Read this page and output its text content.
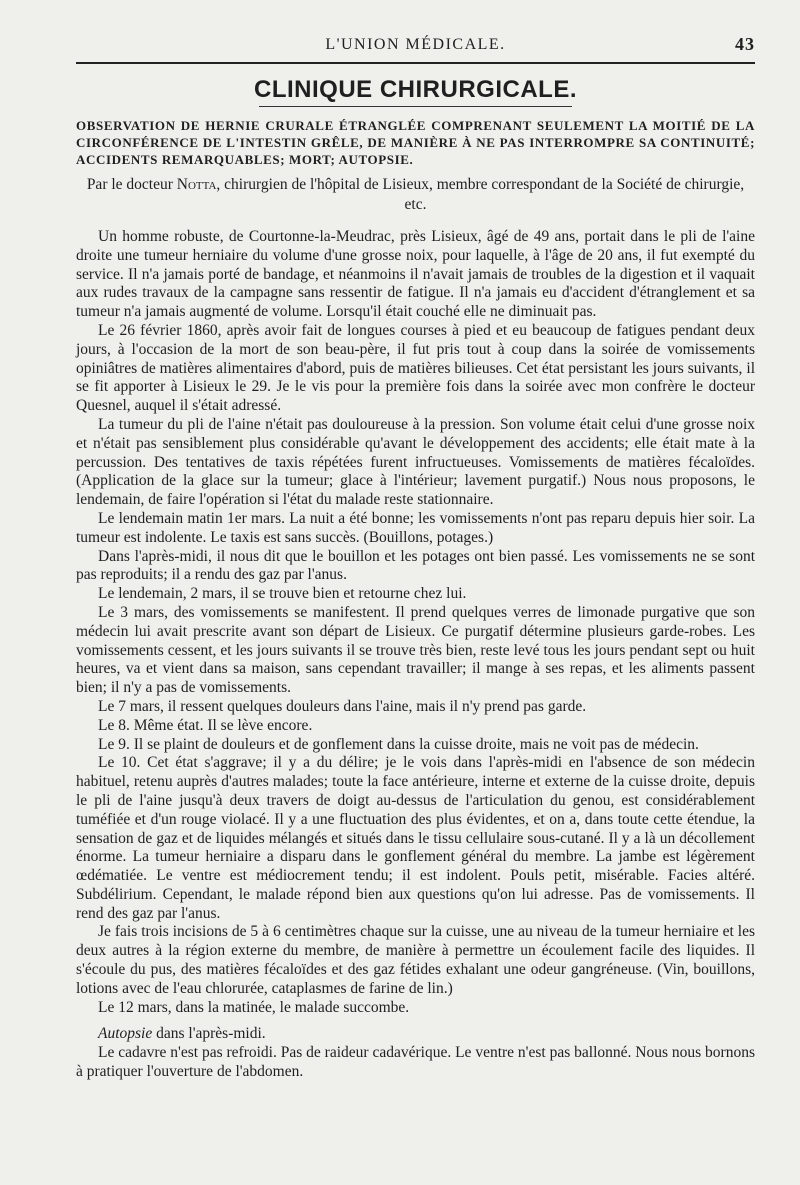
L'UNION MÉDICALE.	43
CLINIQUE CHIRURGICALE.
OBSERVATION DE HERNIE CRURALE ÉTRANGLÉE COMPRENANT SEULEMENT LA MOITIÉ DE LA CIRCONFÉRENCE DE L'INTESTIN GRÊLE, DE MANIÈRE À NE PAS INTERROMPRE SA CONTINUITÉ; ACCIDENTS REMARQUABLES; MORT; AUTOPSIE.
Par le docteur Notta, chirurgien de l'hôpital de Lisieux, membre correspondant de la Société de chirurgie, etc.

Un homme robuste, de Courtonne-la-Meudrac, près Lisieux, âgé de 49 ans, portait dans le pli de l'aine droite une tumeur herniaire du volume d'une grosse noix, pour laquelle, à l'âge de 20 ans, il fut exempté du service. Il n'a jamais porté de bandage, et néanmoins il n'avait jamais de troubles de la digestion et il vaquait aux rudes travaux de la campagne sans ressentir de fatigue. Il n'a jamais eu d'accident d'étranglement et sa tumeur n'a jamais augmenté de volume. Lorsqu'il était couché elle ne diminuait pas.

Le 26 février 1860, après avoir fait de longues courses à pied et eu beaucoup de fatigues pendant deux jours, à l'occasion de la mort de son beau-père, il fut pris tout à coup dans la soirée de vomissements opiniâtres de matières alimentaires d'abord, puis de matières bilieuses. Cet état persistant les jours suivants, il se fit apporter à Lisieux le 29. Je le vis pour la première fois dans la soirée avec mon confrère le docteur Quesnel, auquel il s'était adressé.

La tumeur du pli de l'aine n'était pas douloureuse à la pression. Son volume était celui d'une grosse noix et n'était pas sensiblement plus considérable qu'avant le développement des accidents; elle était mate à la percussion. Des tentatives de taxis répétées furent infructueuses. Vomissements de matières fécaloïdes. (Application de la glace sur la tumeur; glace à l'intérieur; lavement purgatif.) Nous nous proposons, le lendemain, de faire l'opération si l'état du malade reste stationnaire.

Le lendemain matin 1er mars. La nuit a été bonne; les vomissements n'ont pas reparu depuis hier soir. La tumeur est indolente. Le taxis est sans succès. (Bouillons, potages.)

Dans l'après-midi, il nous dit que le bouillon et les potages ont bien passé. Les vomissements ne se sont pas reproduits; il a rendu des gaz par l'anus.

Le lendemain, 2 mars, il se trouve bien et retourne chez lui.

Le 3 mars, des vomissements se manifestent. Il prend quelques verres de limonade purgative que son médecin lui avait prescrite avant son départ de Lisieux. Ce purgatif détermine plusieurs garde-robes. Les vomissements cessent, et les jours suivants il se trouve très bien, reste levé tous les jours pendant sept ou huit heures, va et vient dans sa maison, sans cependant travailler; il mange à ses repas, et les aliments passent bien; il n'y a pas de vomissements.

Le 7 mars, il ressent quelques douleurs dans l'aine, mais il n'y prend pas garde.

Le 8. Même état. Il se lève encore.

Le 9. Il se plaint de douleurs et de gonflement dans la cuisse droite, mais ne voit pas de médecin.

Le 10. Cet état s'aggrave; il y a du délire; je le vois dans l'après-midi en l'absence de son médecin habituel, retenu auprès d'autres malades; toute la face antérieure, interne et externe de la cuisse droite, depuis le pli de l'aine jusqu'à deux travers de doigt au-dessus de l'articulation du genou, est considérablement tuméfiée et d'un rouge violacé. Il y a une fluctuation des plus évidentes, et on a, dans toute cette étendue, la sensation de gaz et de liquides mélangés et situés dans le tissu cellulaire sous-cutané. Il y a là un décollement énorme. La tumeur herniaire a disparu dans le gonflement général du membre. La jambe est légèrement œdématiée. Le ventre est médiocrement tendu; il est indolent. Pouls petit, misérable. Facies altéré. Subdélirium. Cependant, le malade répond bien aux questions qu'on lui adresse. Pas de vomissements. Il rend des gaz par l'anus.

Je fais trois incisions de 5 à 6 centimètres chaque sur la cuisse, une au niveau de la tumeur herniaire et les deux autres à la région externe du membre, de manière à permettre un écoulement facile des liquides. Il s'écoule du pus, des matières fécaloïdes et des gaz fétides exhalant une odeur gangréneuse. (Vin, bouillons, lotions avec de l'eau chlorurée, cataplasmes de farine de lin.)

Le 12 mars, dans la matinée, le malade succombe.

Autopsie dans l'après-midi.

Le cadavre n'est pas refroidi. Pas de raideur cadavérique. Le ventre n'est pas ballonné. Nous nous bornons à pratiquer l'ouverture de l'abdomen.
